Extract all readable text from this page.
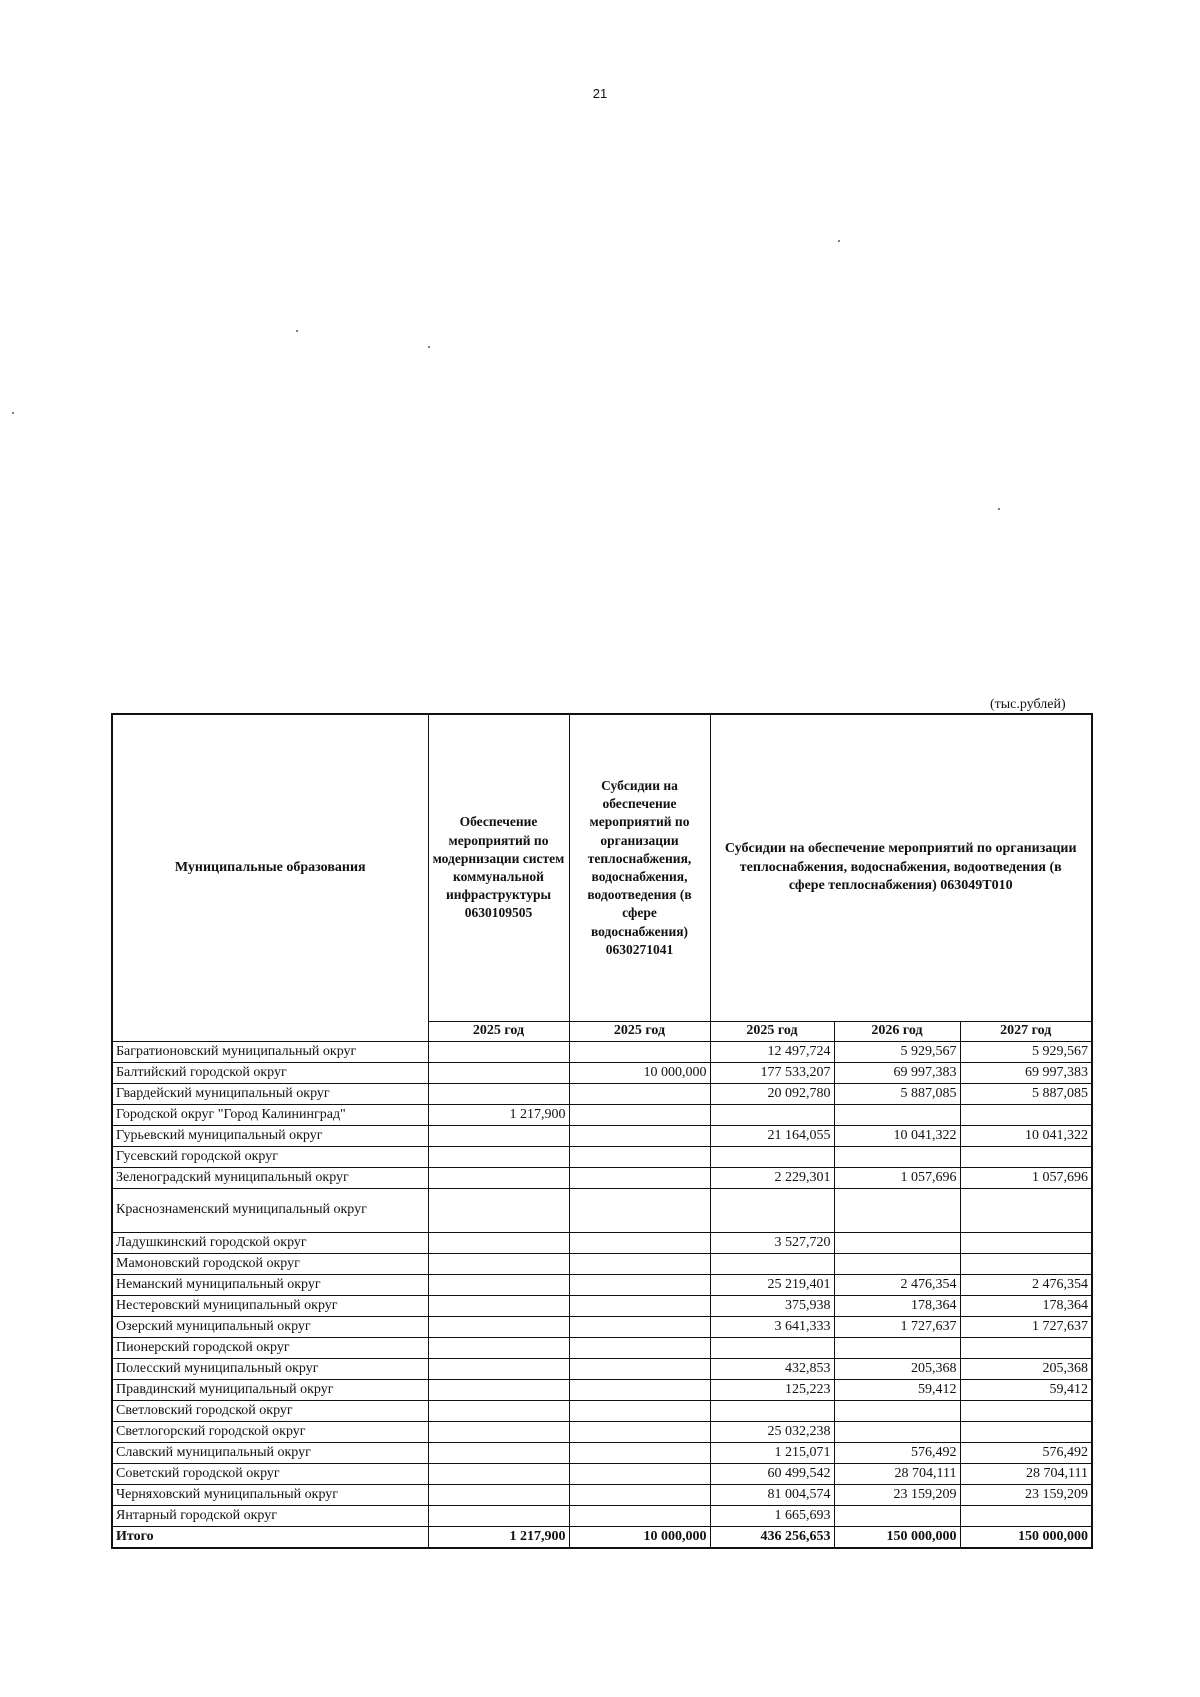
21
(тыс.рублей)
Муниципальные образования	Обеспечение мероприятий по модернизации систем коммунальной инфраструктуры 0630109505	Субсидии на обеспечение мероприятий по организации теплоснабжения, водоснабжения, водоотведения (в сфере водоснабжения) 0630271041	Субсидии на обеспечение мероприятий по организации теплоснабжения, водоснабжения, водоотведения (в сфере теплоснабжения) 063049Т010		
	2025 год	2025 год	2025 год	2026 год	2027 год
Багратионовский муниципальный округ			12 497,724	5 929,567	5 929,567
Балтийский городской округ		10 000,000	177 533,207	69 997,383	69 997,383
Гвардейский муниципальный округ			20 092,780	5 887,085	5 887,085
Городской округ "Город Калининград"	1 217,900				
Гурьевский муниципальный округ			21 164,055	10 041,322	10 041,322
Гусевский городской округ					
Зеленоградский муниципальный округ			2 229,301	1 057,696	1 057,696
Краснознаменский муниципальный округ					
Ладушкинский городской округ			3 527,720		
Мамоновский городской округ					
Неманский муниципальный округ			25 219,401	2 476,354	2 476,354
Нестеровский муниципальный округ			375,938	178,364	178,364
Озерский муниципальный округ			3 641,333	1 727,637	1 727,637
Пионерский городской округ					
Полесский муниципальный округ			432,853	205,368	205,368
Правдинский муниципальный округ			125,223	59,412	59,412
Светловский городской округ					
Светлогорский городской округ			25 032,238		
Славский муниципальный округ			1 215,071	576,492	576,492
Советский городской округ			60 499,542	28 704,111	28 704,111
Черняховский муниципальный округ			81 004,574	23 159,209	23 159,209
Янтарный городской округ			1 665,693		
Итого	1 217,900	10 000,000	436 256,653	150 000,000	150 000,000
